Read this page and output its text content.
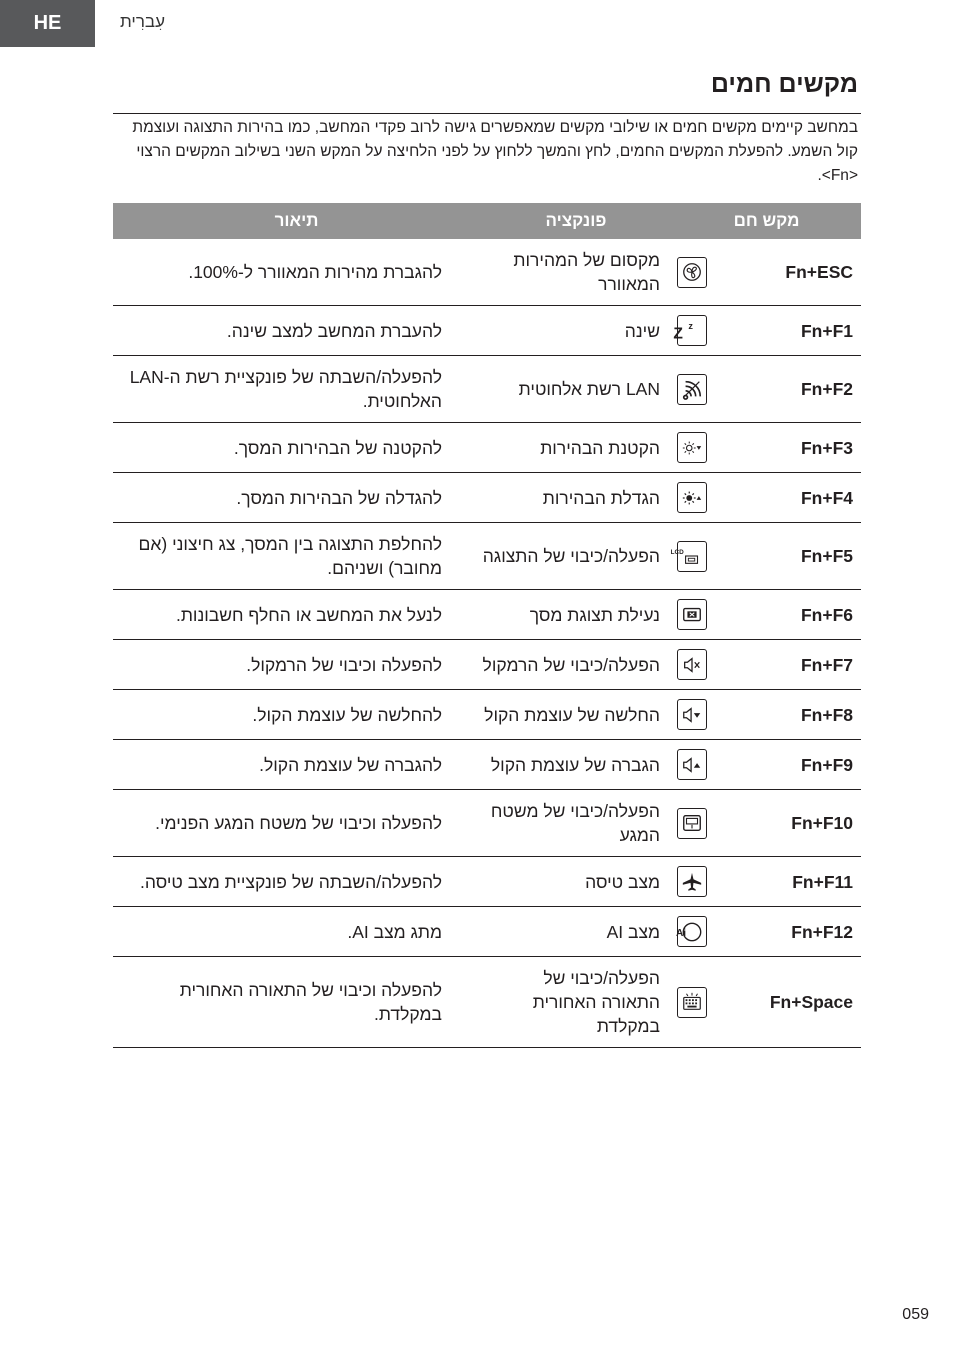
HE	עִברִית
מקשים חמים

במחשב קיימים מקשים חמים או שילובי מקשים שמאפשרים גישה לרוב פקדי המחשב, כמו בהירות התצוגה ועוצמת קול השמע. להפעלת המקשים החמים, לחץ והמשך ללחוץ על לפני הלחיצה על המקש השני בשילוב המקשים הרצוי <Fn>.

מקש חם		פונקציה	תיאור
Fn+ESC		מקסום של המהירות המאוורר	להגברת מהירות המאוורר ל-100%.
Fn+F1	Z z	שינה	להעברת המחשב למצב שינה.
Fn+F2		LAN רשת אלחוטית	להפעלה/השבתה של פונקציית רשת ה-LAN האלחוטית.
Fn+F3		הקטנת הבהירות	להקטנה של הבהירות המסך.
Fn+F4		הגדלת הבהירות	להגדלה של הבהירות המסך.
Fn+F5	LCD	הפעלה/כיבוי של התצוגה	להחלפת התצוגה בין המסך, צג חיצוני (אם מחובר) ושניהם.
Fn+F6		נעילת תצוגת מסך	לנעל את המחשב או החלף חשבונות.
Fn+F7		הפעלה/כיבוי של הרמקול	להפעלה וכיבוי של הרמקול.
Fn+F8		החלשה של עוצמת הקול	להחלשה של עוצמת הקול.
Fn+F9		הגברה של עוצמת הקול	להגברה של עוצמת הקול.
Fn+F10		הפעלה/כיבוי של משטח המגע	להפעלה וכיבוי של משטח המגע הפנימי.
Fn+F11		מצב טיסה	להפעלה/השבתה של פונקציית מצב טיסה.
Fn+F12	Ai	מצב AI	מתג מצב AI.
Fn+Space		הפעלה/כיבוי של התאורה האחורית במקלדת	להפעלה וכיבוי של התאורה האחורית במקלדת.
059
